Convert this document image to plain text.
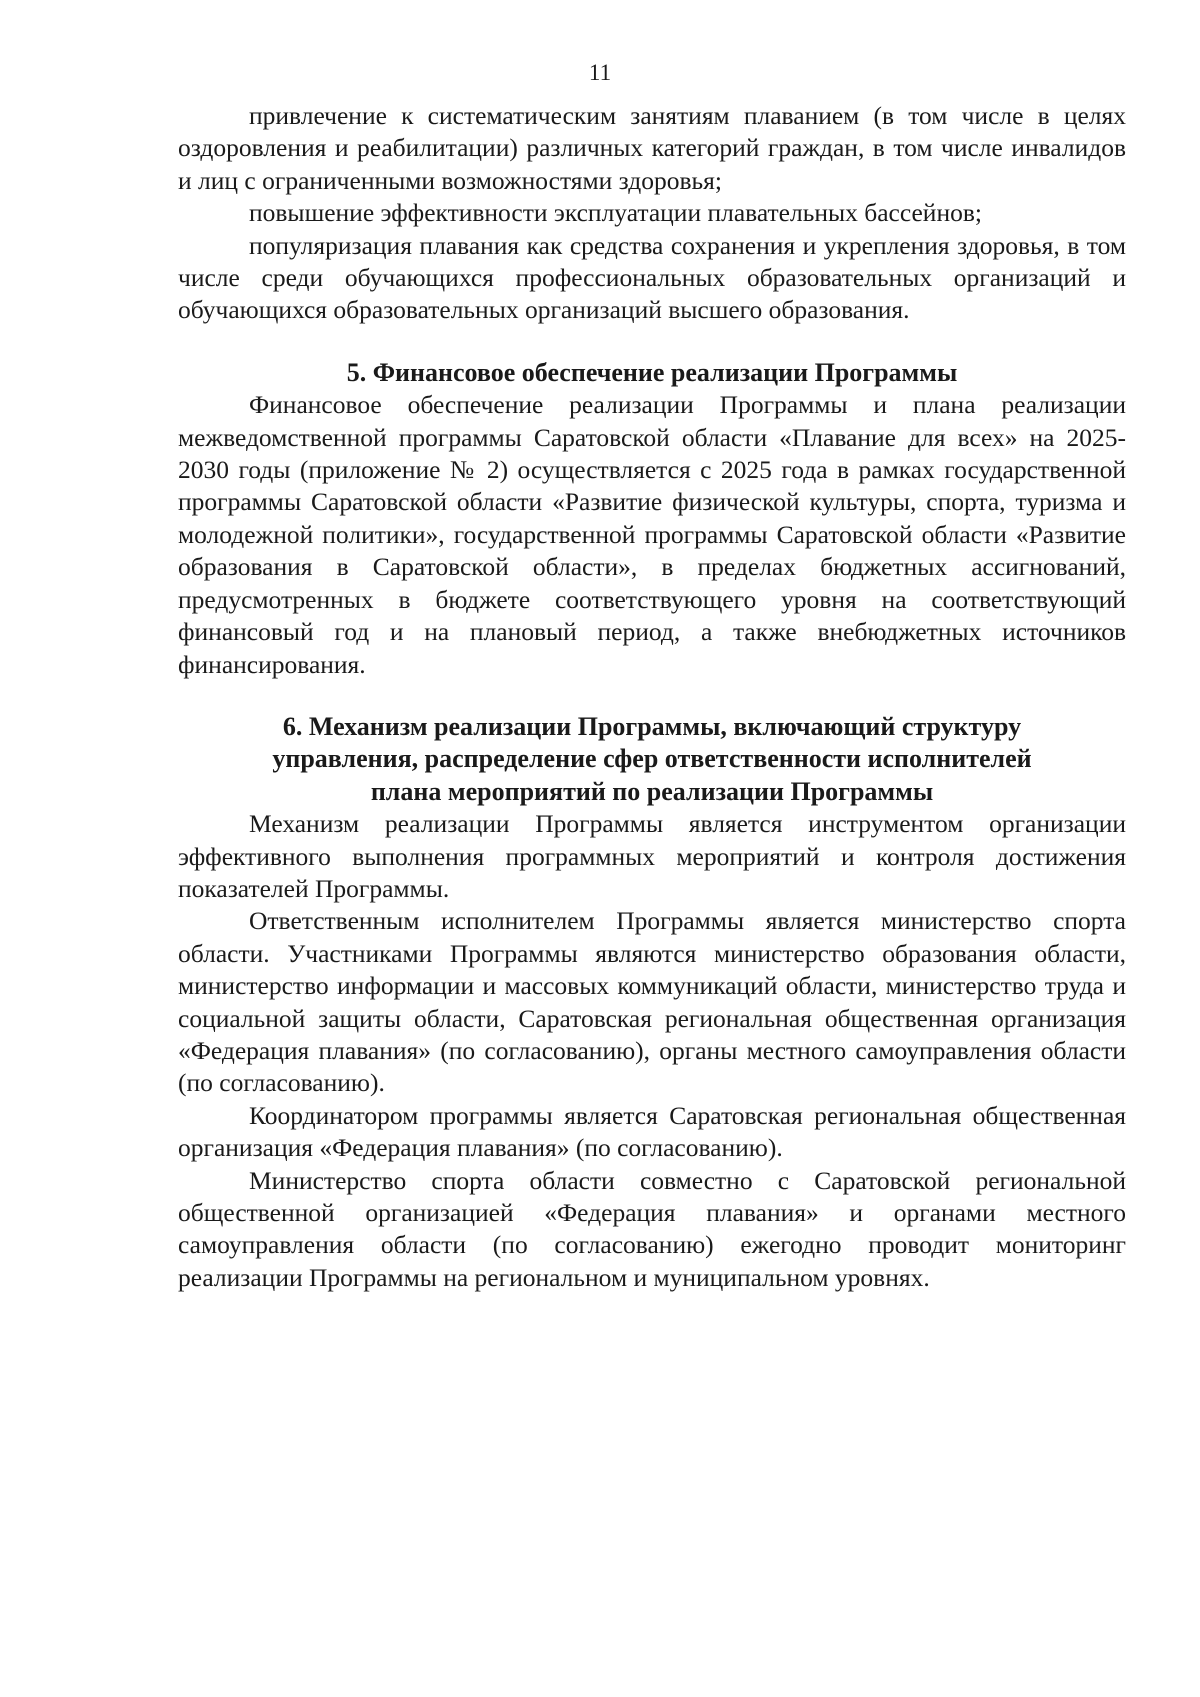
11

привлечение к систематическим занятиям плаванием (в том числе в целях оздоровления и реабилитации) различных категорий граждан, в том числе инвалидов и лиц с ограниченными возможностями здоровья;

повышение эффективности эксплуатации плавательных бассейнов;

популяризация плавания как средства сохранения и укрепления здоровья, в том числе среди обучающихся профессиональных образовательных организаций и обучающихся образовательных организаций высшего образования.

5. Финансовое обеспечение реализации Программы

Финансовое обеспечение реализации Программы и плана реализации межведомственной программы Саратовской области «Плавание для всех» на 2025-2030 годы (приложение № 2) осуществляется с 2025 года в рамках государственной программы Саратовской области «Развитие физической культуры, спорта, туризма и молодежной политики», государственной программы Саратовской области «Развитие образования в Саратовской области», в пределах бюджетных ассигнований, предусмотренных в бюджете соответствующего уровня на соответствующий финансовый год и на плановый период, а также внебюджетных источников финансирования.

6. Механизм реализации Программы, включающий структуру
управления, распределение сфер ответственности исполнителей
плана мероприятий по реализации Программы

Механизм реализации Программы является инструментом организации эффективного выполнения программных мероприятий и контроля достижения показателей Программы.

Ответственным исполнителем Программы является министерство спорта области. Участниками Программы являются министерство образования области, министерство информации и массовых коммуникаций области, министерство труда и социальной защиты области, Саратовская региональная общественная организация «Федерация плавания» (по согласованию), органы местного самоуправления области (по согласованию).

Координатором программы является Саратовская региональная общественная организация «Федерация плавания» (по согласованию).

Министерство спорта области совместно с Саратовской региональной общественной организацией «Федерация плавания» и органами местного самоуправления области (по согласованию) ежегодно проводит мониторинг реализации Программы на региональном и муниципальном уровнях.
